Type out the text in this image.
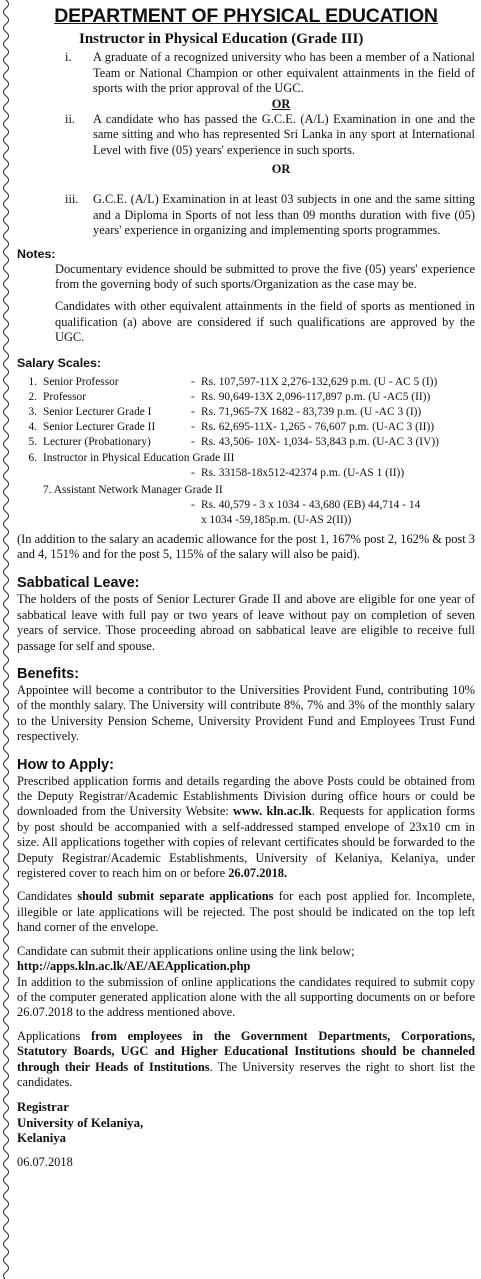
DEPARTMENT OF PHYSICAL EDUCATION
Instructor in Physical Education (Grade III)
i.	A graduate of a recognized university who has been a member of a National Team or National Champion or other equivalent attainments in the field of sports with the prior approval of the UGC.
OR
ii.	A candidate who has passed the G.C.E. (A/L) Examination in one and the same sitting and who has represented Sri Lanka in any sport at International Level with five (05) years' experience in such sports.
OR
iii.	G.C.E. (A/L) Examination in at least 03 subjects in one and the same sitting and a Diploma in Sports of not less than 09 months duration with five (05) years' experience in organizing and implementing sports programmes.
Notes:
Documentary evidence should be submitted to prove the five (05) years' experience from the governing body of such sports/Organization as the case may be.
Candidates with other equivalent attainments in the field of sports as mentioned in qualification (a) above are considered if such qualifications are approved by the UGC.
Salary Scales:
1. Senior Professor	- Rs. 107,597-11X 2,276-132,629 p.m. (U - AC 5 (I))
2. Professor	- Rs. 90,649-13X 2,096-117,897 p.m. (U -AC5 (II))
3. Senior Lecturer Grade I	- Rs. 71,965-7X 1682 - 83,739 p.m. (U -AC 3 (I))
4. Senior Lecturer Grade II	- Rs. 62,695-11X- 1,265 - 76,607 p.m. (U-AC 3 (II))
5. Lecturer (Probationary)	- Rs. 43,506- 10X- 1,034- 53,843 p.m. (U-AC 3 (IV))
6. Instructor in Physical Education Grade III
- Rs. 33158-18x512-42374 p.m. (U-AS 1 (II))
7. Assistant Network Manager Grade II
- Rs. 40,579 - 3 x 1034 - 43,680 (EB) 44,714 - 14
x 1034 -59,185p.m. (U-AS 2(II))
(In addition to the salary an academic allowance for the post 1, 167% post 2, 162% & post 3 and 4, 151% and for the post 5, 115% of the salary will also be paid).
Sabbatical Leave:
The holders of the posts of Senior Lecturer Grade II and above are eligible for one year of sabbatical leave with full pay or two years of leave without pay on completion of seven years of service. Those proceeding abroad on sabbatical leave are eligible to receive full passage for self and spouse.
Benefits:
Appointee will become a contributor to the Universities Provident Fund, contributing 10% of the monthly salary. The University will contribute 8%, 7% and 3% of the monthly salary to the University Pension Scheme, University Provident Fund and Employees Trust Fund respectively.
How to Apply:
Prescribed application forms and details regarding the above Posts could be obtained from the Deputy Registrar/Academic Establishments Division during office hours or could be downloaded from the University Website: www. kln.ac.lk. Requests for application forms by post should be accompanied with a self-addressed stamped envelope of 23x10 cm in size. All applications together with copies of relevant certificates should be forwarded to the Deputy Registrar/Academic Establishments, University of Kelaniya, Kelaniya, under registered cover to reach him on or before 26.07.2018.
Candidates should submit separate applications for each post applied for. Incomplete, illegible or late applications will be rejected. The post should be indicated on the top left hand corner of the envelope.
Candidate can submit their applications online using the link below;
http://apps.kln.ac.lk/AE/AEApplication.php
In addition to the submission of online applications the candidates required to submit copy of the computer generated application alone with the all supporting documents on or before 26.07.2018 to the address mentioned above.
Applications from employees in the Government Departments, Corporations, Statutory Boards, UGC and Higher Educational Institutions should be channeled through their Heads of Institutions. The University reserves the right to short list the candidates.
Registrar
University of Kelaniya,
Kelaniya
06.07.2018
